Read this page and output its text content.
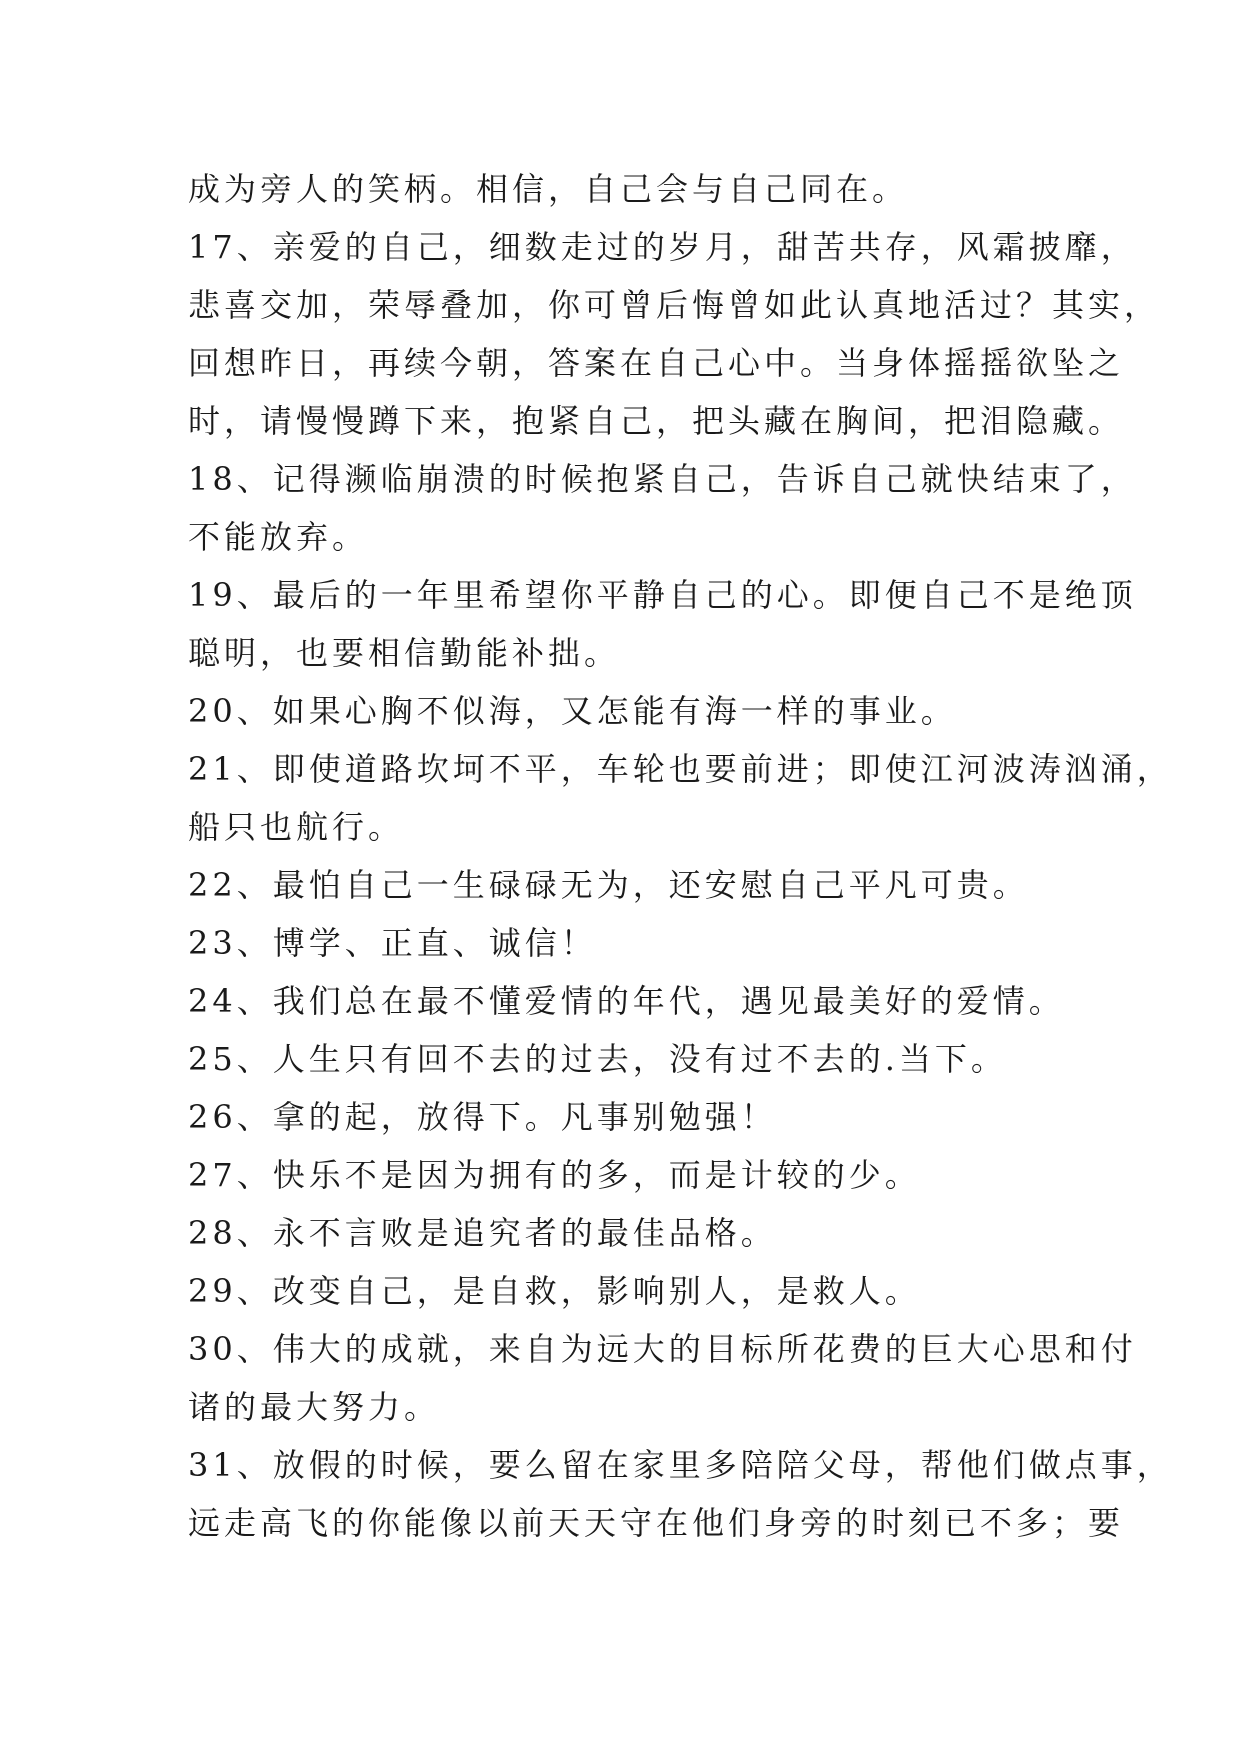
成为旁人的笑柄。相信，自己会与自己同在。
17、亲爱的自己，细数走过的岁月，甜苦共存，风霜披靡，
悲喜交加，荣辱叠加，你可曾后悔曾如此认真地活过？其实，
回想昨日，再续今朝，答案在自己心中。当身体摇摇欲坠之
时，请慢慢蹲下来，抱紧自己，把头藏在胸间，把泪隐藏。
18、记得濒临崩溃的时候抱紧自己，告诉自己就快结束了，
不能放弃。
19、最后的一年里希望你平静自己的心。即便自己不是绝顶
聪明，也要相信勤能补拙。
20、如果心胸不似海，又怎能有海一样的事业。
21、即使道路坎坷不平，车轮也要前进；即使江河波涛汹涌，
船只也航行。
22、最怕自己一生碌碌无为，还安慰自己平凡可贵。
23、博学、正直、诚信！
24、我们总在最不懂爱情的年代，遇见最美好的爱情。
25、人生只有回不去的过去，没有过不去的.当下。
26、拿的起，放得下。凡事别勉强！
27、快乐不是因为拥有的多，而是计较的少。
28、永不言败是追究者的最佳品格。
29、改变自己，是自救，影响别人，是救人。
30、伟大的成就，来自为远大的目标所花费的巨大心思和付
诸的最大努力。
31、放假的时候，要么留在家里多陪陪父母，帮他们做点事，
远走高飞的你能像以前天天守在他们身旁的时刻已不多；要
